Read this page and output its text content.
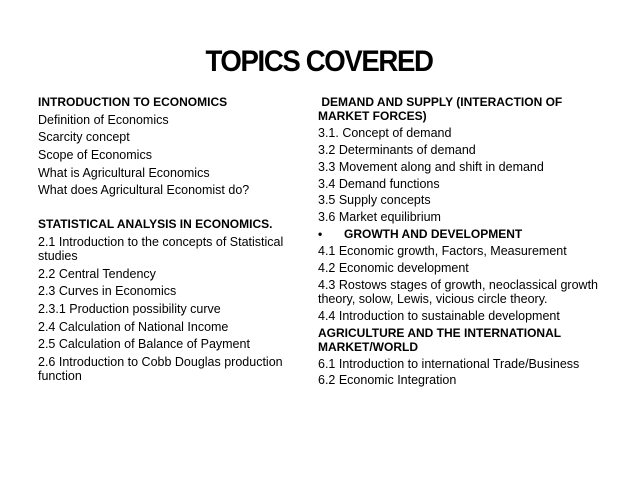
TOPICS COVERED
INTRODUCTION TO ECONOMICS
Definition of Economics
Scarcity concept
Scope of Economics
What is Agricultural Economics
What does Agricultural Economist do?
STATISTICAL ANALYSIS IN ECONOMICS.
2.1 Introduction to the concepts of Statistical studies
2.2 Central Tendency
2.3 Curves in Economics
2.3.1 Production possibility curve
2.4 Calculation of National Income
2.5 Calculation of Balance of Payment
2.6 Introduction to Cobb Douglas production function
DEMAND AND SUPPLY (INTERACTION OF MARKET FORCES)
3.1. Concept of demand
3.2 Determinants of demand
3.3 Movement along and shift in demand
3.4 Demand functions
3.5 Supply concepts
3.6 Market equilibrium
• GROWTH AND DEVELOPMENT
4.1 Economic growth, Factors, Measurement
4.2 Economic development
4.3 Rostows stages of growth, neoclassical growth theory, solow, Lewis, vicious circle theory.
4.4 Introduction to sustainable development
AGRICULTURE AND THE INTERNATIONAL MARKET/WORLD
6.1 Introduction to international Trade/Business
6.2 Economic Integration
